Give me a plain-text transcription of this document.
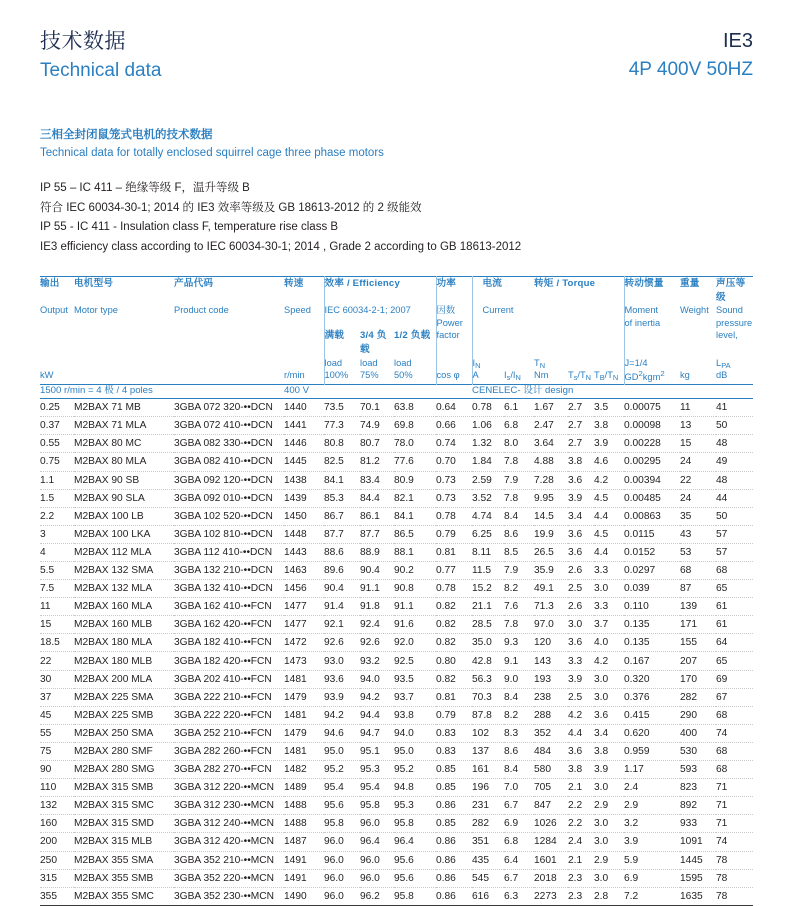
技术数据
Technical data
IE3
4P 400V 50HZ
三相全封闭鼠笼式电机的技术数据
Technical data for totally enclosed squirrel cage three phase motors
IP 55 – IC 411 – 绝缘等级 F，温升等级 B
符合 IEC 60034-30-1; 2014 的 IE3 效率等级及 GB 18613-2012 的 2 级能效
IP 55 - IC 411 - Insulation class F, temperature rise class B
IE3 efficiency class according to IEC 60034-30-1; 2014 , Grade 2 according to GB 18613-2012
输出	电机型号	产品代码	转速	效率 / Efficiency			功率	电流		转矩 / Torque			转动惯量	重量	声压等级
Output	Motor type	Product code	Speed	IEC 60034-2-1; 2007			因数	Current					Moment	Weight	Sound
							Power						of inertia		pressure
				满载	3/4 负载	1/2 负载	factor								level,
				load	load	load		$I_N$		$T_N$			J=1/4		$L_{PA}$
kW			r/min	100%	75%	50%	cos φ	A	$I_s/I_N$	Nm	$T_s/T_N$	$T_B/T_N$	$GD^2kgm^2$	kg	dB
1500 r/min = 4 极 / 4 poles			400 V				CENELEC- 设计 design								
0.25	M2BAX 71 MB	3GBA 072 320-••DCN	1440	73.5	70.1	63.8	0.64	0.78	6.1	1.67	2.7	3.5	0.00075	11	41
0.37	M2BAX 71 MLA	3GBA 072 410-••DCN	1441	77.3	74.9	69.8	0.66	1.06	6.8	2.47	2.7	3.8	0.00098	13	50
0.55	M2BAX 80 MC	3GBA 082 330-••DCN	1446	80.8	80.7	78.0	0.74	1.32	8.0	3.64	2.7	3.9	0.00228	15	48
0.75	M2BAX 80 MLA	3GBA 082 410-••DCN	1445	82.5	81.2	77.6	0.70	1.84	7.8	4.88	3.8	4.6	0.00295	24	49
1.1	M2BAX 90 SB	3GBA 092 120-••DCN	1438	84.1	83.4	80.9	0.73	2.59	7.9	7.28	3.6	4.2	0.00394	22	48
1.5	M2BAX 90 SLA	3GBA 092 010-••DCN	1439	85.3	84.4	82.1	0.73	3.52	7.8	9.95	3.9	4.5	0.00485	24	44
2.2	M2BAX 100 LB	3GBA 102 520-••DCN	1450	86.7	86.1	84.1	0.78	4.74	8.4	14.5	3.4	4.4	0.00863	35	50
3	M2BAX 100 LKA	3GBA 102 810-••DCN	1448	87.7	87.7	86.5	0.79	6.25	8.6	19.9	3.6	4.5	0.0115	43	57
4	M2BAX 112 MLA	3GBA 112 410-••DCN	1443	88.6	88.9	88.1	0.81	8.11	8.5	26.5	3.6	4.4	0.0152	53	57
5.5	M2BAX 132 SMA	3GBA 132 210-••DCN	1463	89.6	90.4	90.2	0.77	11.5	7.9	35.9	2.6	3.3	0.0297	68	68
7.5	M2BAX 132 MLA	3GBA 132 410-••DCN	1456	90.4	91.1	90.8	0.78	15.2	8.2	49.1	2.5	3.0	0.039	87	65
11	M2BAX 160 MLA	3GBA 162 410-••FCN	1477	91.4	91.8	91.1	0.82	21.1	7.6	71.3	2.6	3.3	0.110	139	61
15	M2BAX 160 MLB	3GBA 162 420-••FCN	1477	92.1	92.4	91.6	0.82	28.5	7.8	97.0	3.0	3.7	0.135	171	61
18.5	M2BAX 180 MLA	3GBA 182 410-••FCN	1472	92.6	92.6	92.0	0.82	35.0	9.3	120	3.6	4.0	0.135	155	64
22	M2BAX 180 MLB	3GBA 182 420-••FCN	1473	93.0	93.2	92.5	0.80	42.8	9.1	143	3.3	4.2	0.167	207	65
30	M2BAX 200 MLA	3GBA 202 410-••FCN	1481	93.6	94.0	93.5	0.82	56.3	9.0	193	3.9	3.0	0.320	170	69
37	M2BAX 225 SMA	3GBA 222 210-••FCN	1479	93.9	94.2	93.7	0.81	70.3	8.4	238	2.5	3.0	0.376	282	67
45	M2BAX 225 SMB	3GBA 222 220-••FCN	1481	94.2	94.4	93.8	0.79	87.8	8.2	288	4.2	3.6	0.415	290	68
55	M2BAX 250 SMA	3GBA 252 210-••FCN	1479	94.6	94.7	94.0	0.83	102	8.3	352	4.4	3.4	0.620	400	74
75	M2BAX 280 SMF	3GBA 282 260-••FCN	1481	95.0	95.1	95.0	0.83	137	8.6	484	3.6	3.8	0.959	530	68
90	M2BAX 280 SMG	3GBA 282 270-••FCN	1482	95.2	95.3	95.2	0.85	161	8.4	580	3.8	3.9	1.17	593	68
110	M2BAX 315 SMB	3GBA 312 220-••MCN	1489	95.4	95.4	94.8	0.85	196	7.0	705	2.1	3.0	2.4	823	71
132	M2BAX 315 SMC	3GBA 312 230-••MCN	1488	95.6	95.8	95.3	0.86	231	6.7	847	2.2	2.9	2.9	892	71
160	M2BAX 315 SMD	3GBA 312 240-••MCN	1488	95.8	96.0	95.8	0.85	282	6.9	1026	2.2	3.0	3.2	933	71
200	M2BAX 315 MLB	3GBA 312 420-••MCN	1487	96.0	96.4	96.4	0.86	351	6.8	1284	2.4	3.0	3.9	1091	74
250	M2BAX 355 SMA	3GBA 352 210-••MCN	1491	96.0	96.0	95.6	0.86	435	6.4	1601	2.1	2.9	5.9	1445	78
315	M2BAX 355 SMB	3GBA 352 220-••MCN	1491	96.0	96.0	95.6	0.86	545	6.7	2018	2.3	3.0	6.9	1595	78
355	M2BAX 355 SMC	3GBA 352 230-••MCN	1490	96.0	96.2	95.8	0.86	616	6.3	2273	2.3	2.8	7.2	1635	78
